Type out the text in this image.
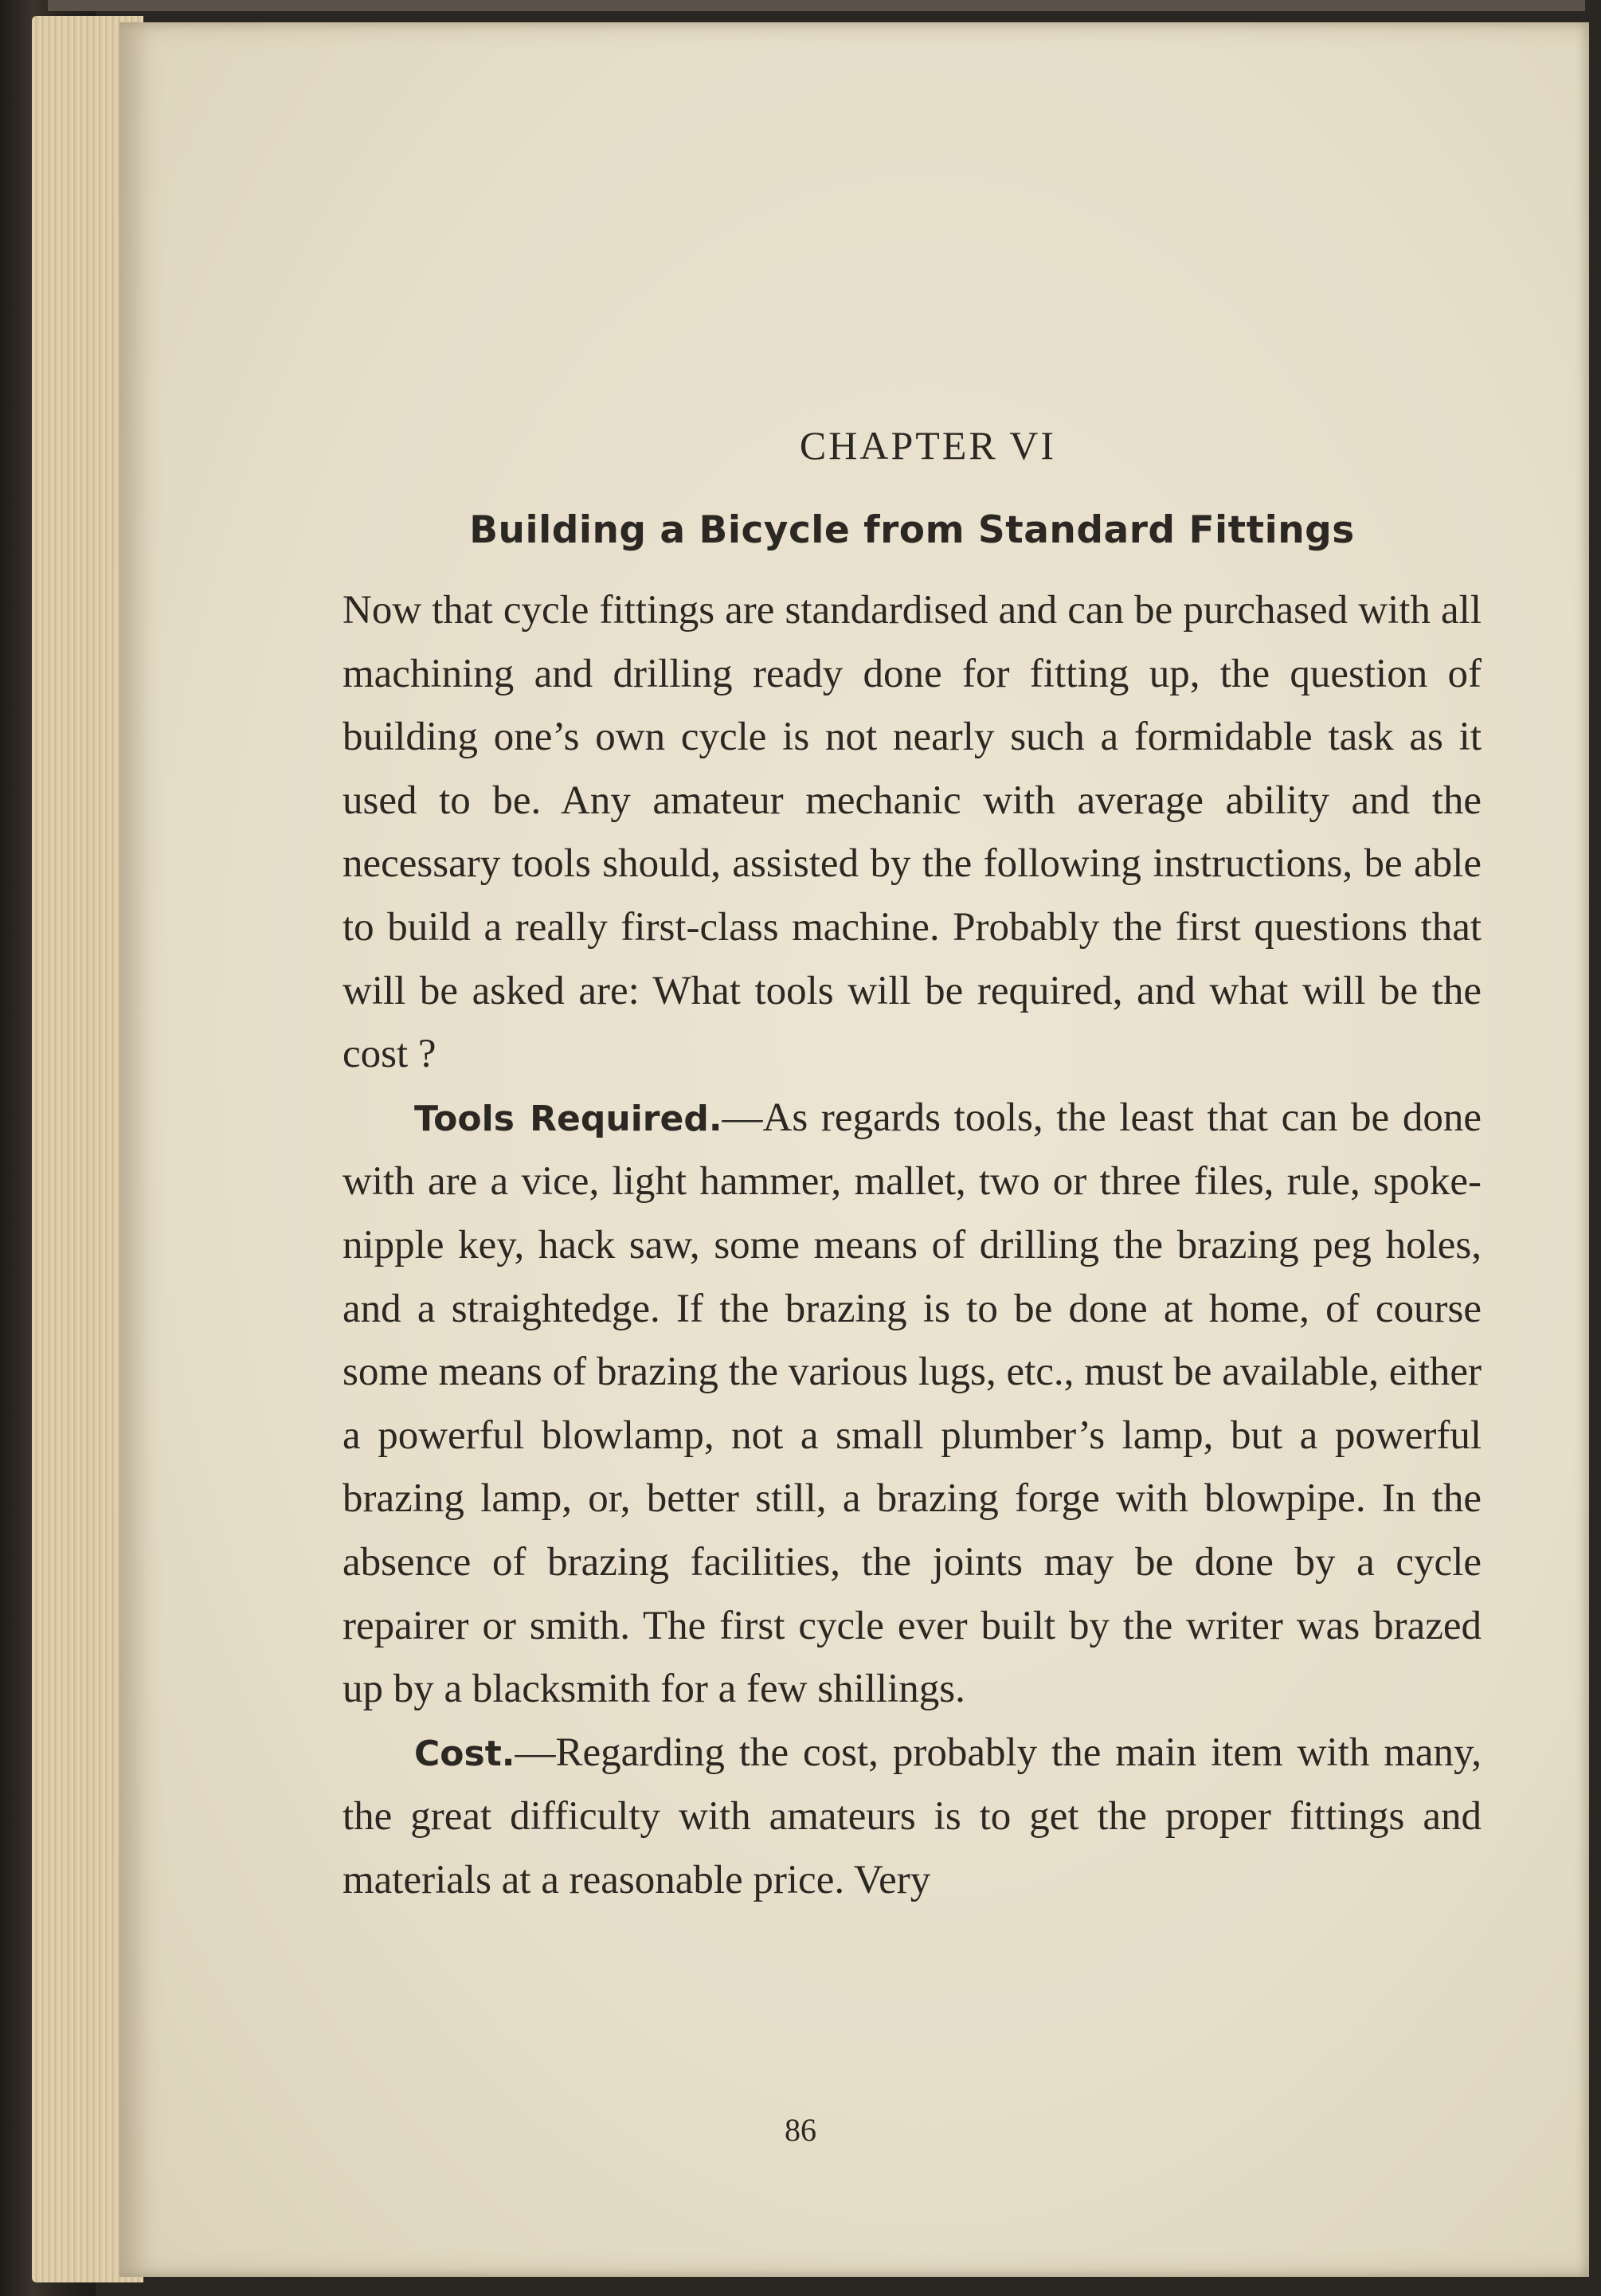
CHAPTER VI
Building a Bicycle from Standard Fittings

Now that cycle fittings are standardised and can be purchased with all machining and drilling ready done for fitting up, the question of building one’s own cycle is not nearly such a formidable task as it used to be. Any amateur mechanic with average ability and the necessary tools should, assisted by the following instructions, be able to build a really first-class machine. Probably the first questions that will be asked are: What tools will be required, and what will be the cost ?

Tools Required.—As regards tools, the least that can be done with are a vice, light hammer, mallet, two or three files, rule, spoke-nipple key, hack saw, some means of drilling the brazing peg holes, and a straightedge. If the brazing is to be done at home, of course some means of brazing the various lugs, etc., must be available, either a powerful blowlamp, not a small plumber’s lamp, but a powerful brazing lamp, or, better still, a brazing forge with blowpipe. In the absence of brazing facilities, the joints may be done by a cycle repairer or smith. The first cycle ever built by the writer was brazed up by a blacksmith for a few shillings.

Cost.—Regarding the cost, probably the main item with many, the great difficulty with amateurs is to get the proper fittings and materials at a reasonable price. Very

86
